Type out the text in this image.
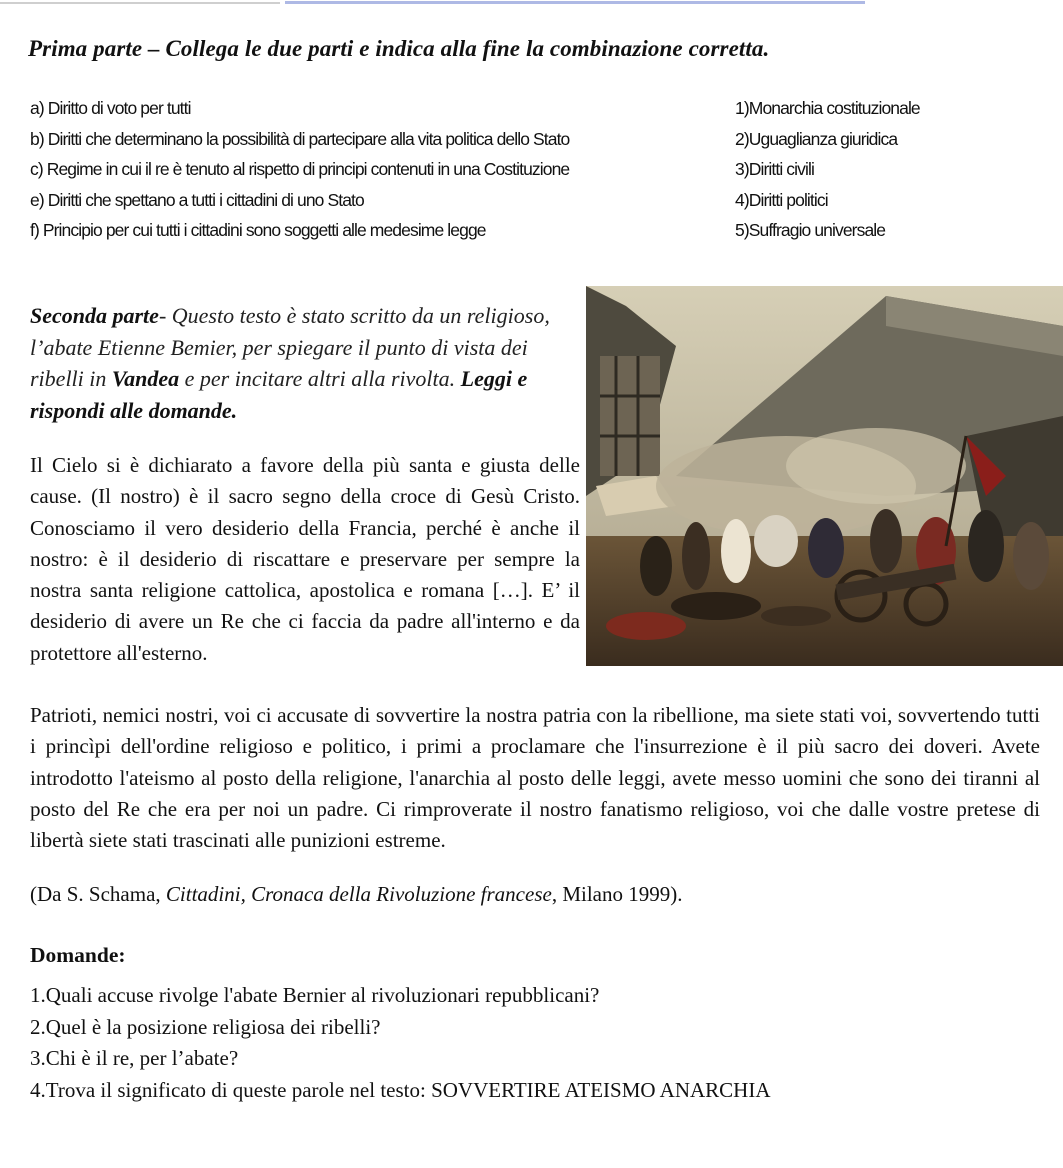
Prima parte – Collega le due parti e indica alla fine la combinazione corretta.
a) Diritto di voto per tutti	1)Monarchia costituzionale
b) Diritti che determinano la possibilità di partecipare alla vita politica dello Stato	2)Uguaglianza giuridica
c) Regime in cui il re è tenuto al rispetto di principi contenuti in una Costituzione	3)Diritti civili
e) Diritti che spettano a tutti i cittadini di uno Stato	4)Diritti politici
f) Principio per cui tutti i cittadini sono soggetti alle medesime legge	5)Suffragio universale

Seconda parte- Questo testo è stato scritto da un religioso, l’abate Etienne Bemier, per spiegare il punto di vista dei ribelli in Vandea e per incitare altri alla rivolta. Leggi e rispondi alle domande.

Il Cielo si è dichiarato a favore della più santa e giusta delle cause. (Il nostro) è il sacro segno della croce di Gesù Cristo. Conosciamo il vero desiderio della Francia, perché è anche il nostro: è il desiderio di riscattare e preservare per sempre la nostra santa religione cattolica, apostolica e romana […]. E’ il desiderio di avere un Re che ci faccia da padre all'interno e da protettore all'esterno.

Patrioti, nemici nostri, voi ci accusate di sovvertire la nostra patria con la ribellione, ma siete stati voi, sovvertendo tutti i princìpi dell'ordine religioso e politico, i primi a proclamare che l'insurrezione è il più sacro dei doveri. Avete introdotto l'ateismo al posto della religione, l'anarchia al posto delle leggi, avete messo uomini che sono dei tiranni al posto del Re che era per noi un padre. Ci rimproverate il nostro fanatismo religioso, voi che dalle vostre pretese di libertà siete stati trascinati alle punizioni estreme.

(Da S. Schama, Cittadini, Cronaca della Rivoluzione francese, Milano 1999).
Domande:
1.Quali accuse rivolge l'abate Bernier al rivoluzionari repubblicani?
2.Quel è la posizione religiosa dei ribelli?
3.Chi è il re, per l’abate?
4.Trova il significato di queste parole nel testo: SOVVERTIRE ATEISMO ANARCHIA
